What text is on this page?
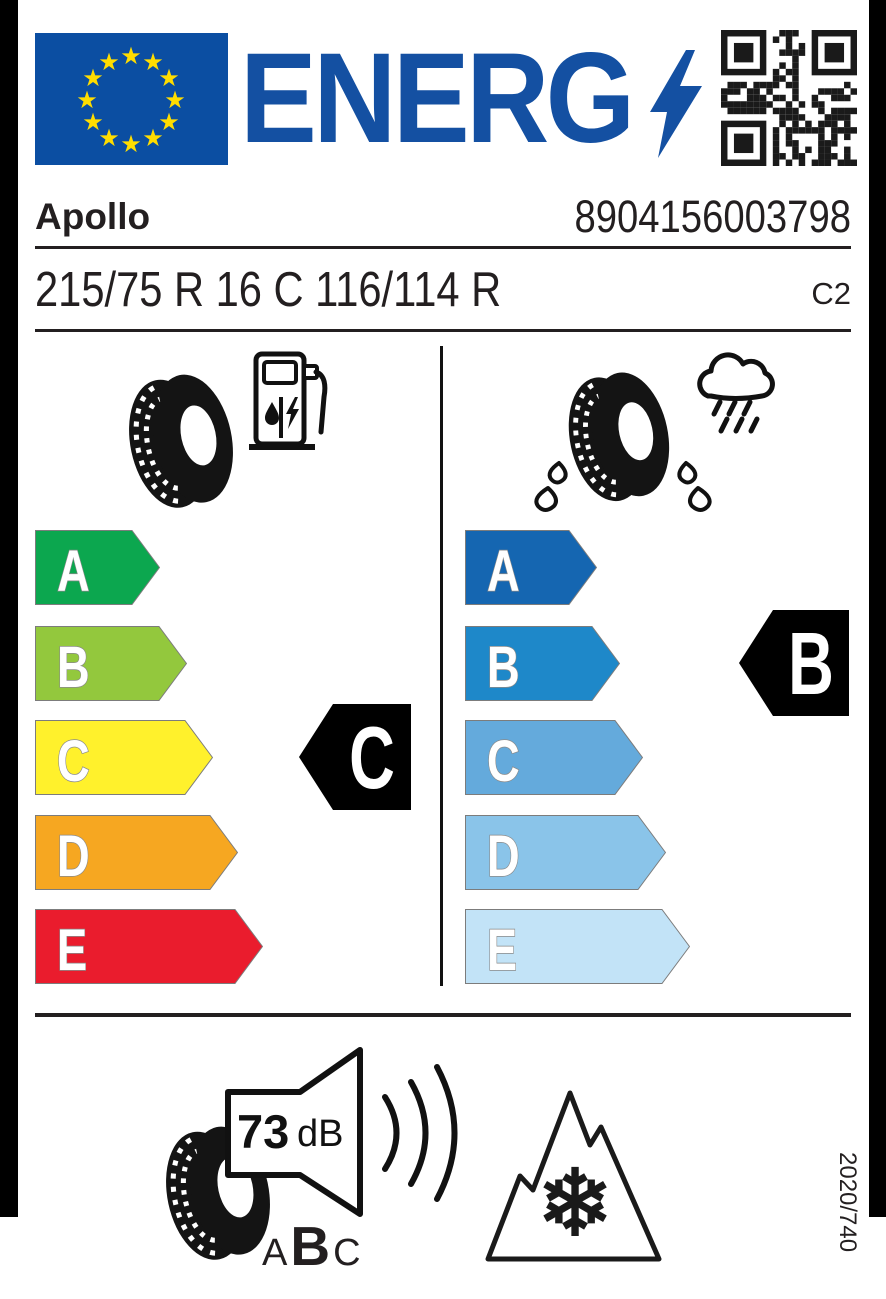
★ ★
★
★
★
★
★
★
★
★
★
★ ENERG
Apollo	8904156003798
215/75 R 16 C 116/114 R	C2
A
B
C
D
E
C
A
B
C
D
E
B
73 dB
A B C ❄	2020/740
